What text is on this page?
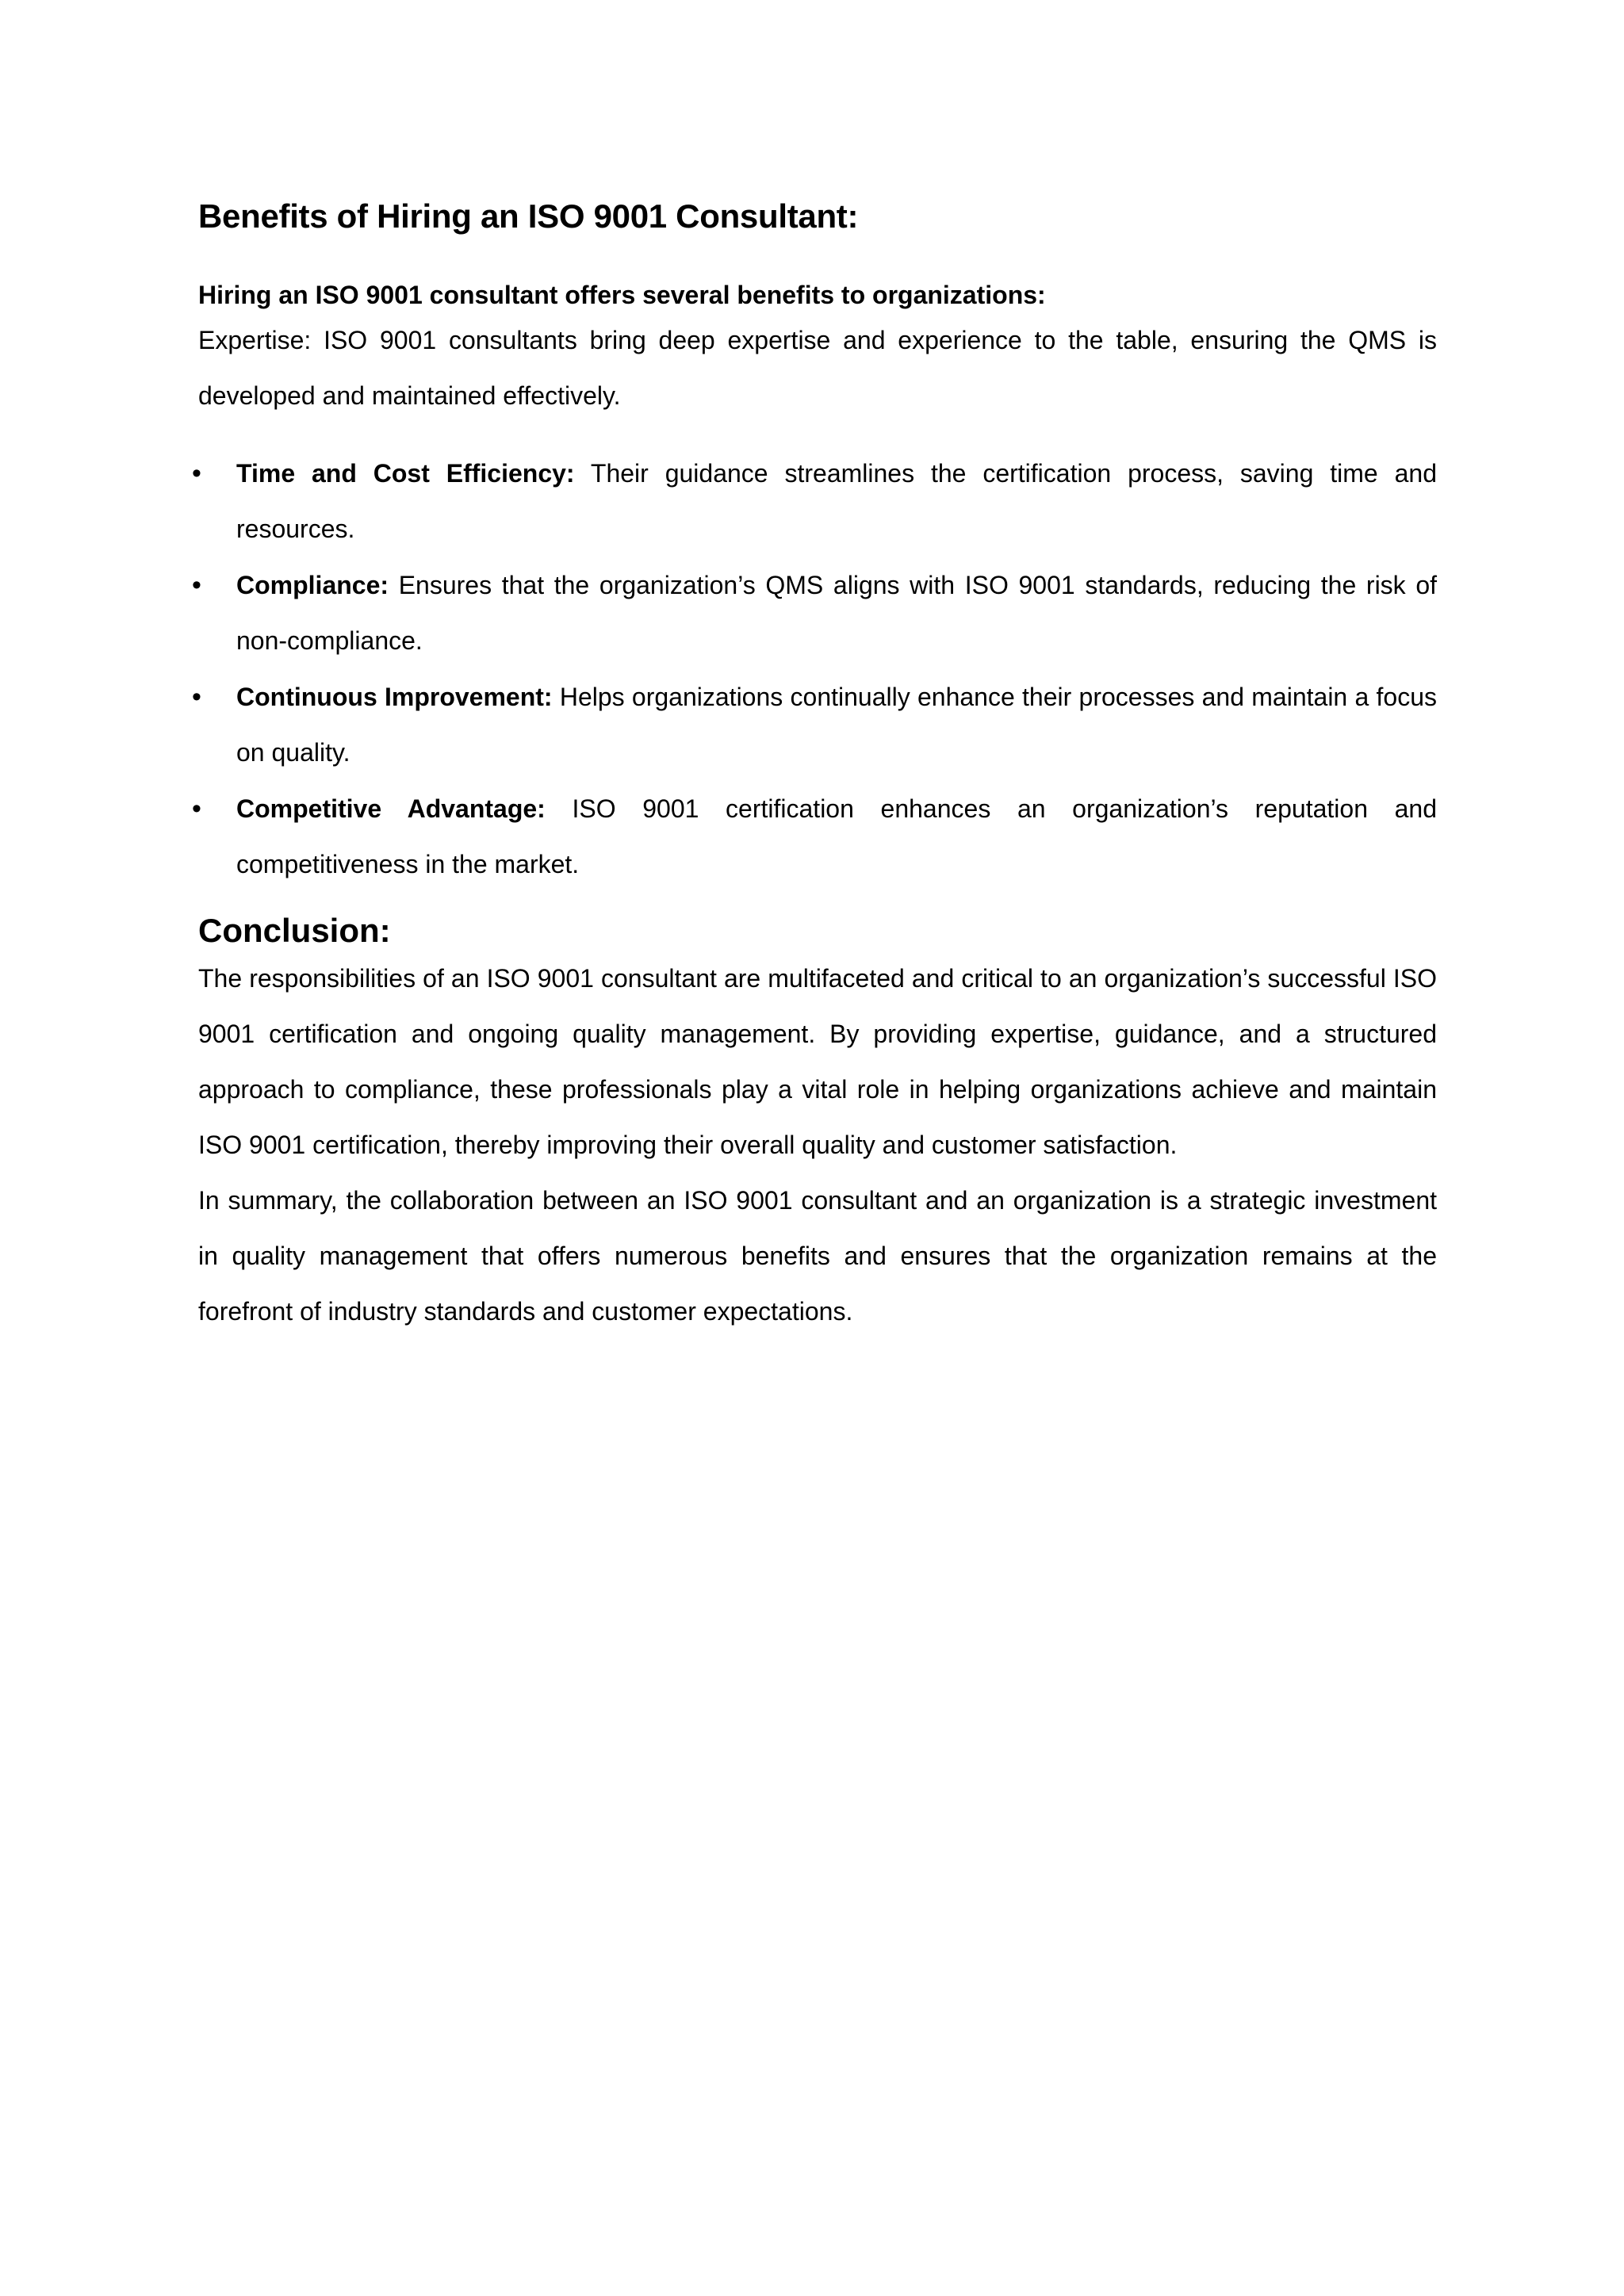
Benefits of Hiring an ISO 9001 Consultant:

Hiring an ISO 9001 consultant offers several benefits to organizations:

Expertise: ISO 9001 consultants bring deep expertise and experience to the table, ensuring the QMS is developed and maintained effectively.

• Time and Cost Efficiency: Their guidance streamlines the certification process, saving time and resources.
• Compliance: Ensures that the organization’s QMS aligns with ISO 9001 standards, reducing the risk of non-compliance.
• Continuous Improvement: Helps organizations continually enhance their processes and maintain a focus on quality.
• Competitive Advantage: ISO 9001 certification enhances an organization’s reputation and competitiveness in the market.
Conclusion:

The responsibilities of an ISO 9001 consultant are multifaceted and critical to an organization’s successful ISO 9001 certification and ongoing quality management. By providing expertise, guidance, and a structured approach to compliance, these professionals play a vital role in helping organizations achieve and maintain ISO 9001 certification, thereby improving their overall quality and customer satisfaction.

In summary, the collaboration between an ISO 9001 consultant and an organization is a strategic investment in quality management that offers numerous benefits and ensures that the organization remains at the forefront of industry standards and customer expectations.
